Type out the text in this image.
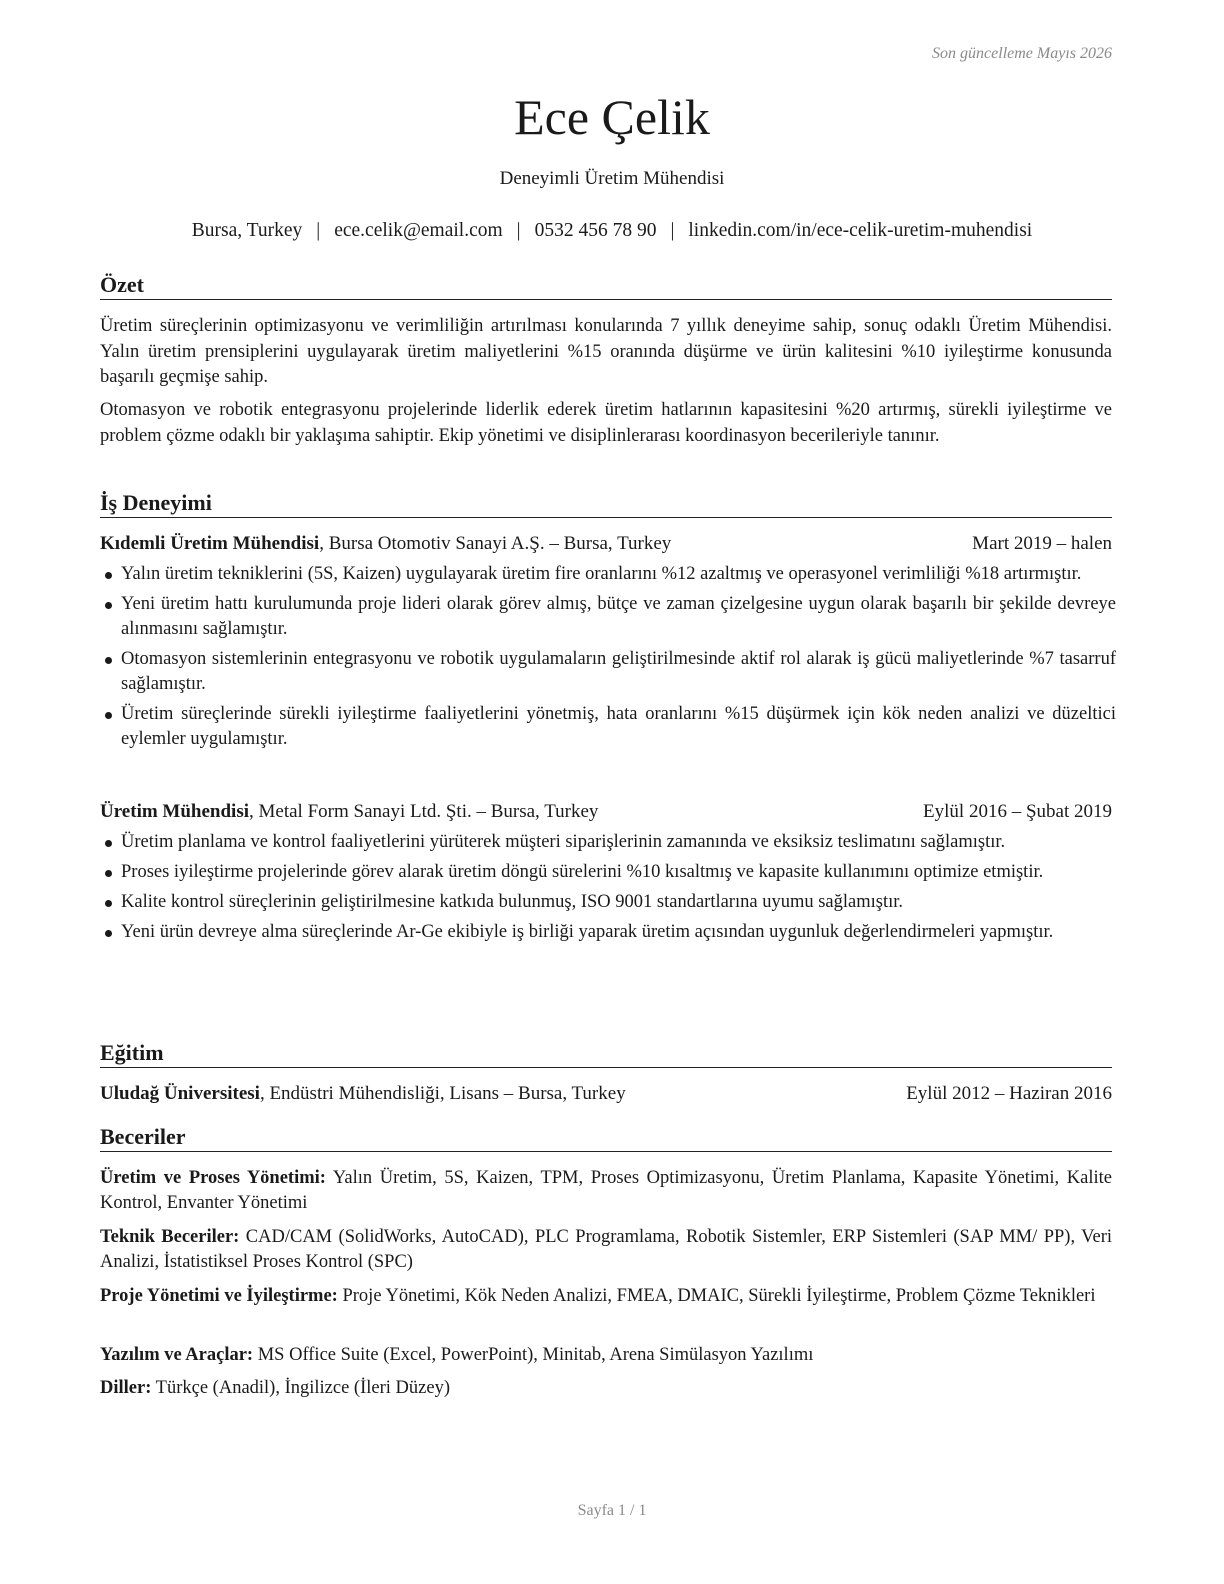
Son güncelleme Mayıs 2026
Ece Çelik
Deneyimli Üretim Mühendisi
Bursa, Turkey | ece.celik@email.com | 0532 456 78 90 | linkedin.com/in/ece-celik-uretim-muhendisi
Özet
Üretim süreçlerinin optimizasyonu ve verimliliğin artırılması konularında 7 yıllık deneyime sahip, sonuç odaklı Üretim Mühendisi. Yalın üretim prensiplerini uygulayarak üretim maliyetlerini %15 oranında düşürme ve ürün kalitesini %10 iyileştirme konusunda başarılı geçmişe sahip.
Otomasyon ve robotik entegrasyonu projelerinde liderlik ederek üretim hatlarının kapasitesini %20 artırmış, sürekli iyileştirme ve problem çözme odaklı bir yaklaşıma sahiptir. Ekip yönetimi ve disiplinlerarası koordinasyon becerileriyle tanınır.
İş Deneyimi
Kıdemli Üretim Mühendisi, Bursa Otomotiv Sanayi A.Ş. – Bursa, Turkey	Mart 2019 – halen
Yalın üretim tekniklerini (5S, Kaizen) uygulayarak üretim fire oranlarını %12 azaltmış ve operasyonel verimliliği %18 artırmıştır.
Yeni üretim hattı kurulumunda proje lideri olarak görev almış, bütçe ve zaman çizelgesine uygun olarak başarılı bir şekilde devreye alınmasını sağlamıştır.
Otomasyon sistemlerinin entegrasyonu ve robotik uygulamaların geliştirilmesinde aktif rol alarak iş gücü maliyetlerinde %7 tasarruf sağlamıştır.
Üretim süreçlerinde sürekli iyileştirme faaliyetlerini yönetmiş, hata oranlarını %15 düşürmek için kök neden analizi ve düzeltici eylemler uygulamıştır.
Üretim Mühendisi, Metal Form Sanayi Ltd. Şti. – Bursa, Turkey	Eylül 2016 – Şubat 2019
Üretim planlama ve kontrol faaliyetlerini yürüterek müşteri siparişlerinin zamanında ve eksiksiz teslimatını sağlamıştır.
Proses iyileştirme projelerinde görev alarak üretim döngü sürelerini %10 kısaltmış ve kapasite kullanımını optimize etmiştir.
Kalite kontrol süreçlerinin geliştirilmesine katkıda bulunmuş, ISO 9001 standartlarına uyumu sağlamıştır.
Yeni ürün devreye alma süreçlerinde Ar-Ge ekibiyle iş birliği yaparak üretim açısından uygunluk değerlendirmeleri yapmıştır.
Eğitim
Uludağ Üniversitesi, Endüstri Mühendisliği, Lisans – Bursa, Turkey	Eylül 2012 – Haziran 2016
Beceriler
Üretim ve Proses Yönetimi: Yalın Üretim, 5S, Kaizen, TPM, Proses Optimizasyonu, Üretim Planlama, Kapasite Yönetimi, Kalite Kontrol, Envanter Yönetimi
Teknik Beceriler: CAD/CAM (SolidWorks, AutoCAD), PLC Programlama, Robotik Sistemler, ERP Sistemleri (SAP MM/ PP), Veri Analizi, İstatistiksel Proses Kontrol (SPC)
Proje Yönetimi ve İyileştirme: Proje Yönetimi, Kök Neden Analizi, FMEA, DMAIC, Sürekli İyileştirme, Problem Çözme Teknikleri
Yazılım ve Araçlar: MS Office Suite (Excel, PowerPoint), Minitab, Arena Simülasyon Yazılımı
Diller: Türkçe (Anadil), İngilizce (İleri Düzey)
Sayfa 1 / 1
